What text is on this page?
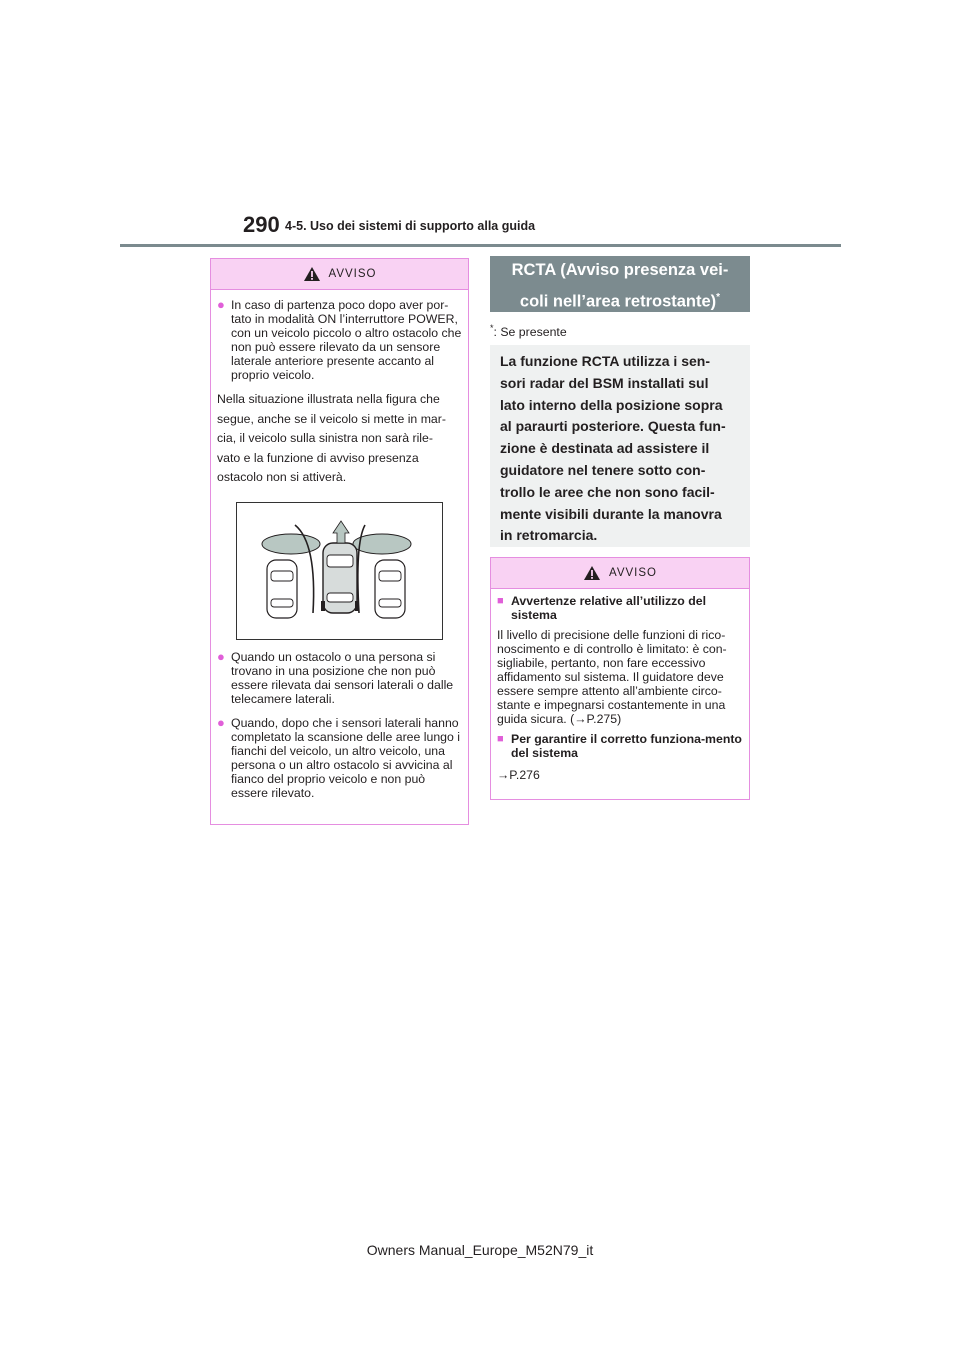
290 4-5. Uso dei sistemi di supporto alla guida
AVVISO
● In caso di partenza poco dopo aver por-tato in modalità ON l’interruttore POWER, con un veicolo piccolo o altro ostacolo che non può essere rilevato da un sensore laterale anteriore presente accanto al proprio veicolo.
Nella situazione illustrata nella figura che
segue, anche se il veicolo si mette in mar-
cia, il veicolo sulla sinistra non sarà rile-
vato e la funzione di avviso presenza
ostacolo non si attiverà.
● Quando un ostacolo o una persona si trovano in una posizione che non può essere rilevata dai sensori laterali o dalle telecamere laterali.
● Quando, dopo che i sensori laterali hanno completato la scansione delle aree lungo i fianchi del veicolo, un altro veicolo, una persona o un altro ostacolo si avvicina al fianco del proprio veicolo e non può essere rilevato.
RCTA (Avviso presenza vei-
coli nell’area retrostante)*
*: Se presente
La funzione RCTA utilizza i sen-
sori radar del BSM installati sul
lato interno della posizione sopra
al paraurti posteriore. Questa fun-
zione è destinata ad assistere il
guidatore nel tenere sotto con-
trollo le aree che non sono facil-
mente visibili durante la manovra
in retromarcia.
AVVISO
■ Avvertenze relative all’utilizzo del sistema
Il livello di precisione delle funzioni di rico-noscimento e di controllo è limitato: è con-sigliabile, pertanto, non fare eccessivo affidamento sul sistema. Il guidatore deve essere sempre attento all’ambiente circo-stante e impegnarsi costantemente in una guida sicura. (→P.275)
■ Per garantire il corretto funziona-mento del sistema
→P.276
Owners Manual_Europe_M52N79_it
